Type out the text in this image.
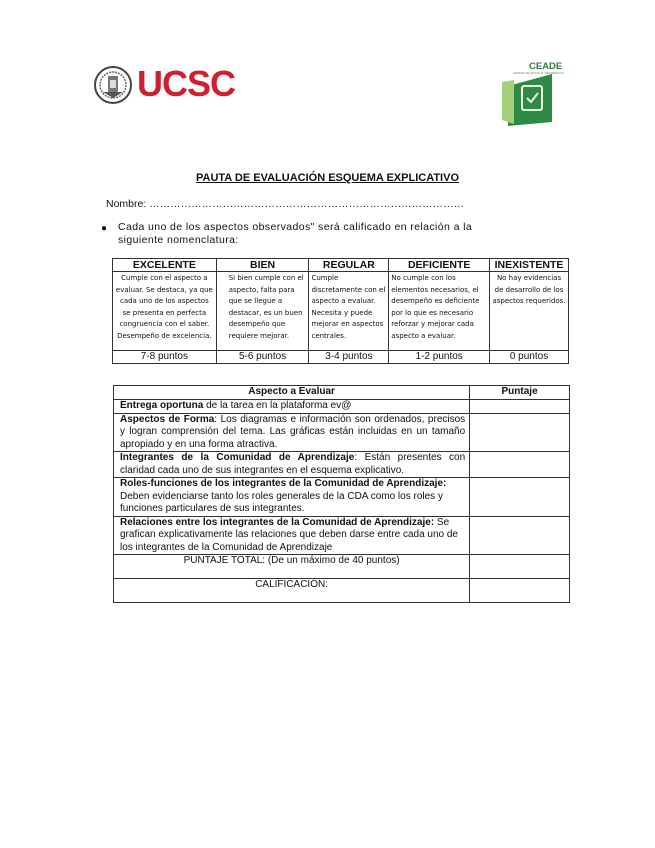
UCSC	CEADE
CENTRO DE APOYO AL DESARROLLO
PAUTA DE EVALUACIÓN ESQUEMA EXPLICATIVO
Nombre: ………………………………………………………………………………
● Cada uno de los aspectos observados" será calificado en relación a la siguiente nomenclatura:
EXCELENTE	BIEN	REGULAR	DEFICIENTE	INEXISTENTE
Cumple con el aspecto a evaluar. Se destaca, ya que cada uno de los aspectos se presenta en perfecta congruencia con el saber. Desempeño de excelencia.	Si bien cumple con el aspecto, falta para que se llegue a destacar, es un buen desempeño que requiere mejorar.	Cumple discretamente con el aspecto a evaluar. Necesita y puede mejorar en aspectos centrales.	No cumple con los elementos necesarios, el desempeño es deficiente por lo que es necesario reforzar y mejorar cada aspecto a evaluar.	No hay evidencias de desarrollo de los aspectos requeridos.
7-8 puntos	5-6 puntos	3-4 puntos	1-2 puntos	0 puntos
Aspecto a Evaluar	Puntaje
Entrega oportuna de la tarea en la plataforma ev@	
Aspectos de Forma: Los diagramas e información son ordenados, precisos y logran comprensión del tema. Las gráficas están incluidas en un tamaño apropiado y en una forma atractiva.	
Integrantes de la Comunidad de Aprendizaje: Están presentes con claridad cada uno de sus integrantes en el esquema explicativo.	
Roles-funciones de los integrantes de la Comunidad de Aprendizaje: Deben evidenciarse tanto los roles generales de la CDA como los roles y funciones particulares de sus integrantes.	
Relaciones entre los integrantes de la Comunidad de Aprendizaje: Se grafican explicativamente las relaciones que deben darse entre cada uno de los integrantes de la Comunidad de Aprendizaje	
PUNTAJE TOTAL: (De un máximo de 40 puntos)	
CALIFICACIÓN:	
